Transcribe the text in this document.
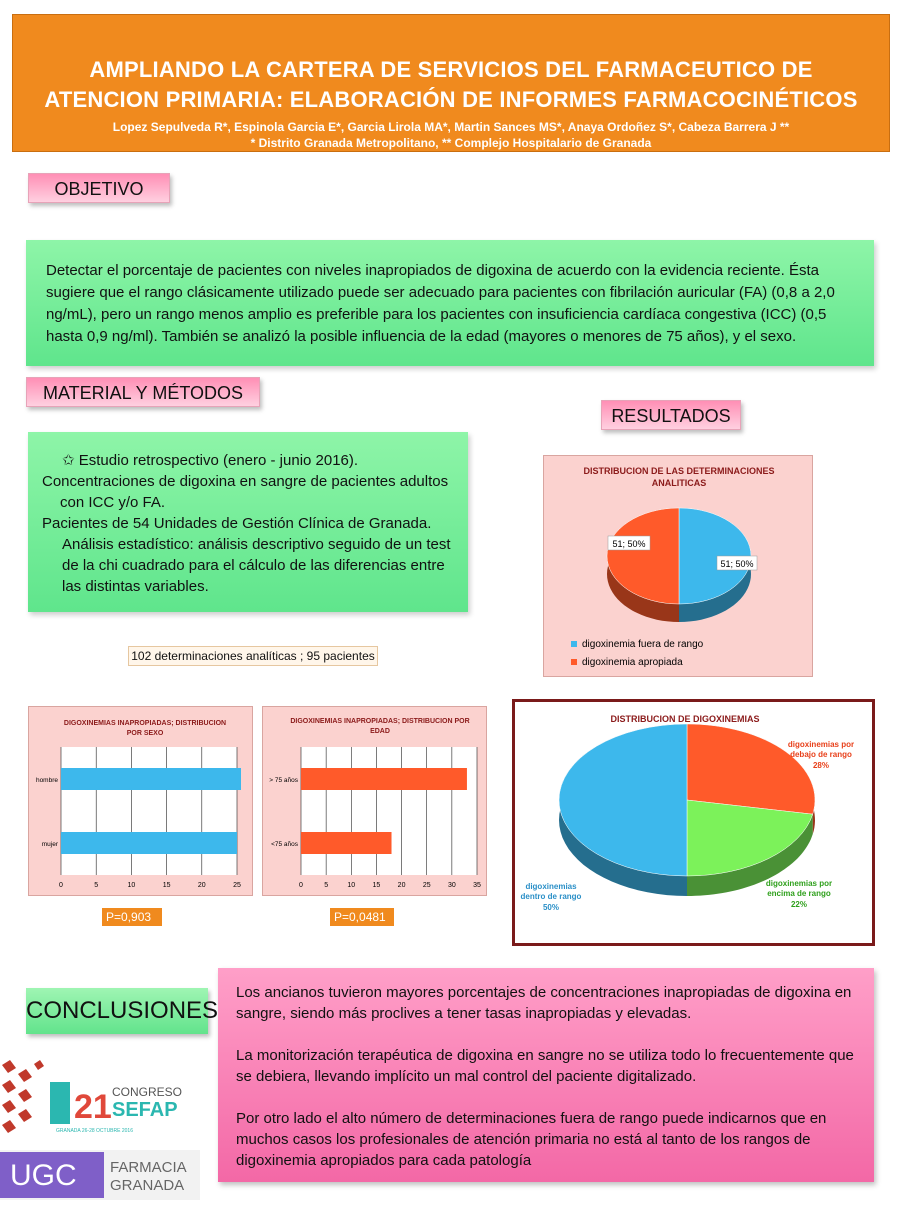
AMPLIANDO LA CARTERA DE SERVICIOS DEL FARMACEUTICO DE
ATENCION PRIMARIA: ELABORACIÓN DE INFORMES FARMACOCINÉTICOS
Lopez Sepulveda R*, Espinola Garcia E*, Garcia Lirola MA*, Martin Sances MS*, Anaya Ordoñez S*, Cabeza Barrera J **
* Distrito Granada Metropolitano, ** Complejo Hospitalario de Granada
OBJETIVO
Detectar el porcentaje de pacientes con niveles inapropiados de digoxina de acuerdo con la evidencia reciente. Ésta sugiere que el rango clásicamente utilizado puede ser adecuado para pacientes con fibrilación auricular (FA) (0,8 a 2,0 ng/mL), pero un rango menos amplio es preferible para los pacientes con insuficiencia cardíaca congestiva (ICC) (0,5 hasta 0,9 ng/ml). También se analizó la posible influencia de la edad (mayores o menores de 75 años), y el sexo.
MATERIAL Y MÉTODOS

✩ Estudio retrospectivo (enero - junio 2016).

Concentraciones de digoxina en sangre de pacientes adultos con ICC y/o FA.

Pacientes de 54 Unidades de Gestión Clínica de Granada.

Análisis estadístico: análisis descriptivo seguido de un test de la chi cuadrado para el cálculo de las diferencias entre las distintas variables.

102 determinaciones analíticas ; 95 pacientes
RESULTADOS
DISTRIBUCION DE LAS DETERMINACIONES
51; 50%
51; 50%
digoxinemia fuera de rango
digoxinemia apropiada
ANALITICAS
DIGOXINEMIAS INAPROPIADAS; DISTRIBUCION
POR SEXO
0	5	10	15	20	25
hombre
mujer
P=0,903
DIGOXINEMIAS INAPROPIADAS; DISTRIBUCION POR
EDAD
0	5	10 15 20 25 30 35
> 75 años
<75 años
P=0,0481
DISTRIBUCION DE DIGOXINEMIAS
digoxinemias por
debajo de rango
28%
digoxinemias por
encima de rango
22%
digoxinemias
dentro de rango
50%
CONCLUSIONES

Los ancianos tuvieron mayores porcentajes de concentraciones inapropiadas de digoxina en sangre, siendo más proclives a tener tasas inapropiadas y elevadas.

La monitorización terapéutica de digoxina en sangre no se utiliza todo lo frecuentemente que se debiera, llevando implícito un mal control del paciente digitalizado.

Por otro lado el alto número de determinaciones fuera de rango puede indicarnos que en muchos casos los profesionales de atención primaria no está al tanto de los rangos de digoxinemia apropiados para cada patología

21 CONGRESO
SEFAP
GRANADA 26-28 OCTUBRE 2016
UGC FARMACIA
GRANADA
